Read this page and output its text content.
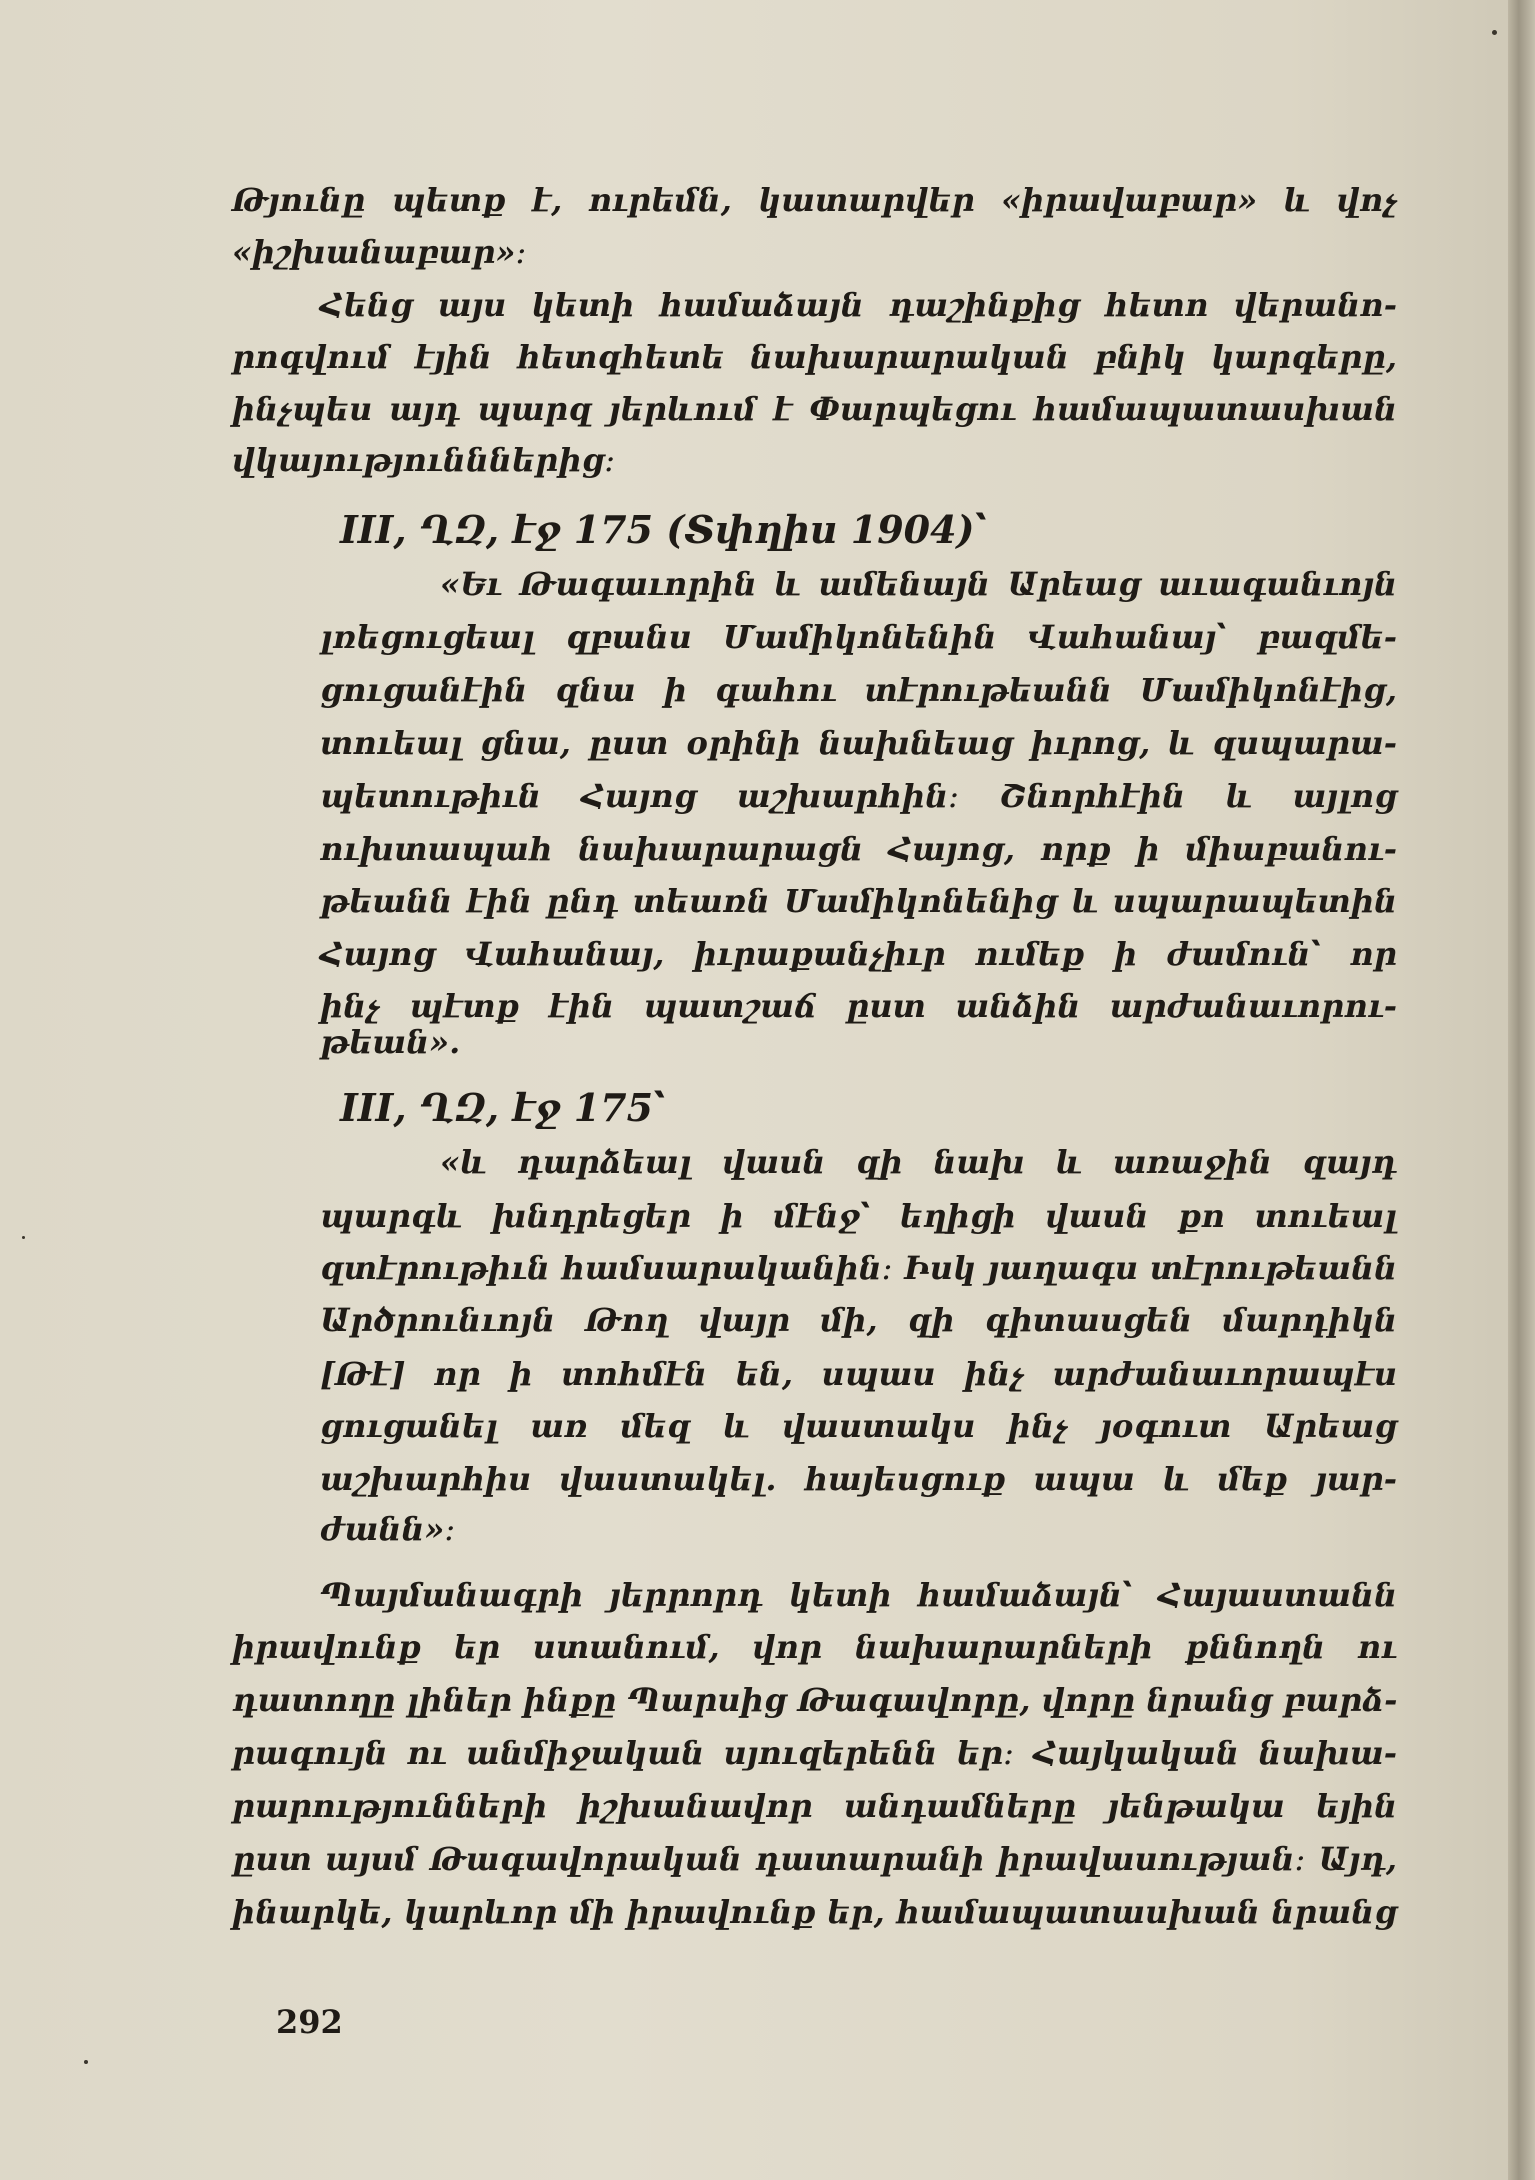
Թյունը պետք է, ուրեմն, կատարվեր «իրավաբար» և վոչ
«իշխանաբար»։
Հենց այս կետի համաձայն դաշինքից հետո վերանո-
րոգվում էյին հետզհետե նախարարական բնիկ կարգերը,
ինչպես այդ պարզ յերևում է Փարպեցու համապատասխան
վկայությունններից։
III, ՂԶ, էջ 175 (Տփղիս 1904)՝
«Եւ Թագաւորին և ամենայն Արեաց աւագանւոյն
լռեցուցեալ զբանս Մամիկոնենին Վահանայ՝ բազմե-
ցուցանէին զնա ի գահու տէրութեանն Մամիկոնէից,
տուեալ ցնա, ըստ օրինի նախնեաց իւրոց, և զսպարա-
պետութիւն Հայոց աշխարհին։ Շնորհէին և այլոց
ուխտապահ նախարարացն Հայոց, որք ի միաբանու-
թեանն էին ընդ տեառն Մամիկոնենից և սպարապետին
Հայոց Վահանայ, իւրաքանչիւր ումեք ի ժամուն՝ որ
ինչ պէտք էին պատշաճ ըստ անձին արժանաւորու-
թեան».
III, ՂԶ, էջ 175՝
«և դարձեալ վասն զի նախ և առաջին զայդ
պարգև խնդրեցեր ի մէնջ՝ եղիցի վասն քո տուեալ
զտէրութիւն համսարականին։ Իսկ յաղագս տէրութեանն
Արծրունւոյն Թող վայր մի, զի գիտասցեն մարդիկն
[Թէ] որ ի տոհմէն են, սպաս ինչ արժանաւորապէս
ցուցանել առ մեզ և վաստակս ինչ յօգուտ Արեաց
աշխարհիս վաստակել. հայեսցուք ապա և մեք յար-
ժանն»։
Պայմանագրի յերրորդ կետի համաձայն՝ Հայաստանն
իրավունք եր ստանում, վոր նախարարների քննողն ու
դատողը լիներ ինքը Պարսից Թագավորը, վորը նրանց բարձ-
րագույն ու անմիջական սյուզերենն եր։ Հայկական նախա-
րարությունների իշխանավոր անդամները յենթակա եյին
ըստ այսմ Թագավորական դատարանի իրավասության։ Այդ,
ինարկե, կարևոր մի իրավունք եր, համապատասխան նրանց
292
